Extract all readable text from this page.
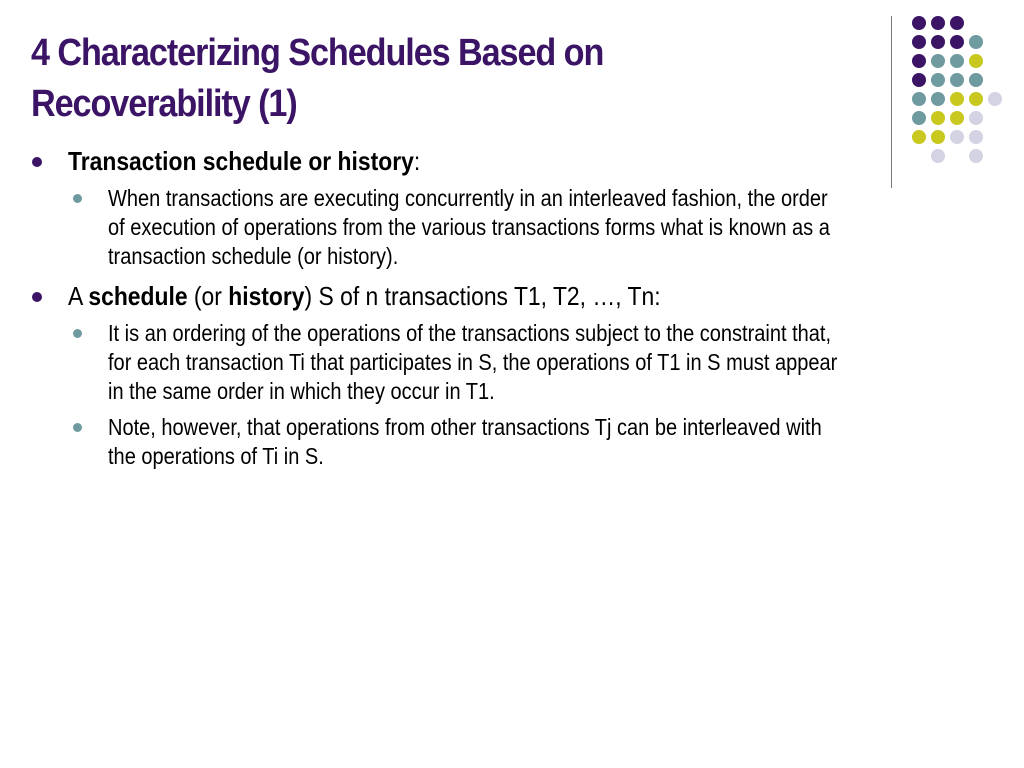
4 Characterizing Schedules Based on
Recoverability (1)
Transaction schedule or history:
When transactions are executing concurrently in an interleaved fashion, the order
of execution of operations from the various transactions forms what is known as a
transaction schedule (or history).
A schedule (or history) S of n transactions T1, T2, …, Tn:
It is an ordering of the operations of the transactions subject to the constraint that,
for each transaction Ti that participates in S, the operations of T1 in S must appear
in the same order in which they occur in T1.
Note, however, that operations from other transactions Tj can be interleaved with
the operations of Ti in S.
